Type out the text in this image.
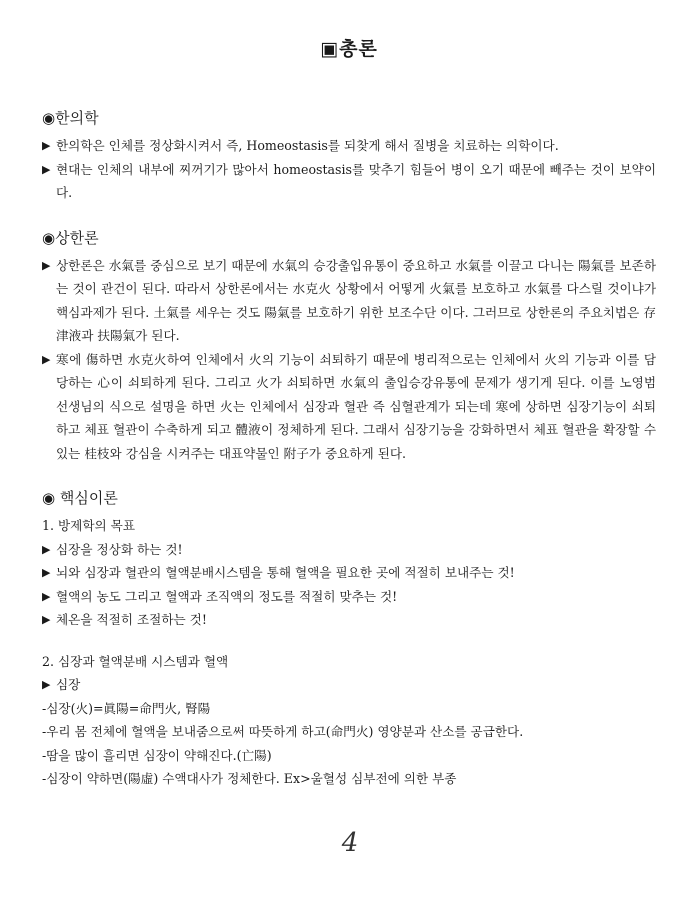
▣총론
◉한의학

▶ 한의학은 인체를 정상화시켜서 즉, Homeostasis를 되찾게 해서 질병을 치료하는 의학이다.

▶ 현대는 인체의 내부에 찌꺼기가 많아서 homeostasis를 맞추기 힘들어 병이 오기 때문에 빼주는 것이 보약이다.

◉상한론

▶ 상한론은 水氣를 중심으로 보기 때문에 水氣의 승강출입유통이 중요하고 水氣를 이끌고 다니는 陽氣를 보존하는 것이 관건이 된다. 따라서 상한론에서는 水克火 상황에서 어떻게 火氣를 보호하고 水氣를 다스릴 것이냐가 핵심과제가 된다. 土氣를 세우는 것도 陽氣를 보호하기 위한 보조수단 이다. 그러므로 상한론의 주요치법은 存津液과 扶陽氣가 된다.

▶ 寒에 傷하면 水克火하여 인체에서 火의 기능이 쇠퇴하기 때문에 병리적으로는 인체에서 火의 기능과 이를 담당하는 心이 쇠퇴하게 된다. 그리고 火가 쇠퇴하면 水氣의 출입승강유통에 문제가 생기게 된다. 이를 노영범 선생님의 식으로 설명을 하면 火는 인체에서 심장과 혈관 즉 심혈관계가 되는데 寒에 상하면 심장기능이 쇠퇴하고 체표 혈관이 수축하게 되고 體液이 정체하게 된다. 그래서 심장기능을 강화하면서 체표 혈관을 확장할 수 있는 桂枝와 강심을 시켜주는 대표약물인 附子가 중요하게 된다.

◉ 핵심이론

1. 방제학의 목표

▶ 심장을 정상화 하는 것!
▶ 뇌와 심장과 혈관의 혈액분배시스템을 통해 혈액을 필요한 곳에 적절히 보내주는 것!
▶ 혈액의 농도 그리고 혈액과 조직액의 정도를 적절히 맞추는 것!
▶ 체온을 적절히 조절하는 것!

2. 심장과 혈액분배 시스템과 혈액

▶ 심장

-심장(火)=眞陽=命門火, 腎陽

-우리 몸 전체에 혈액을 보내줌으로써 따뜻하게 하고(命門火) 영양분과 산소를 공급한다.

-땀을 많이 흘리면 심장이 약해진다.(亡陽)

-심장이 약하면(陽虛) 수액대사가 정체한다. Ex>울혈성 심부전에 의한 부종

4
